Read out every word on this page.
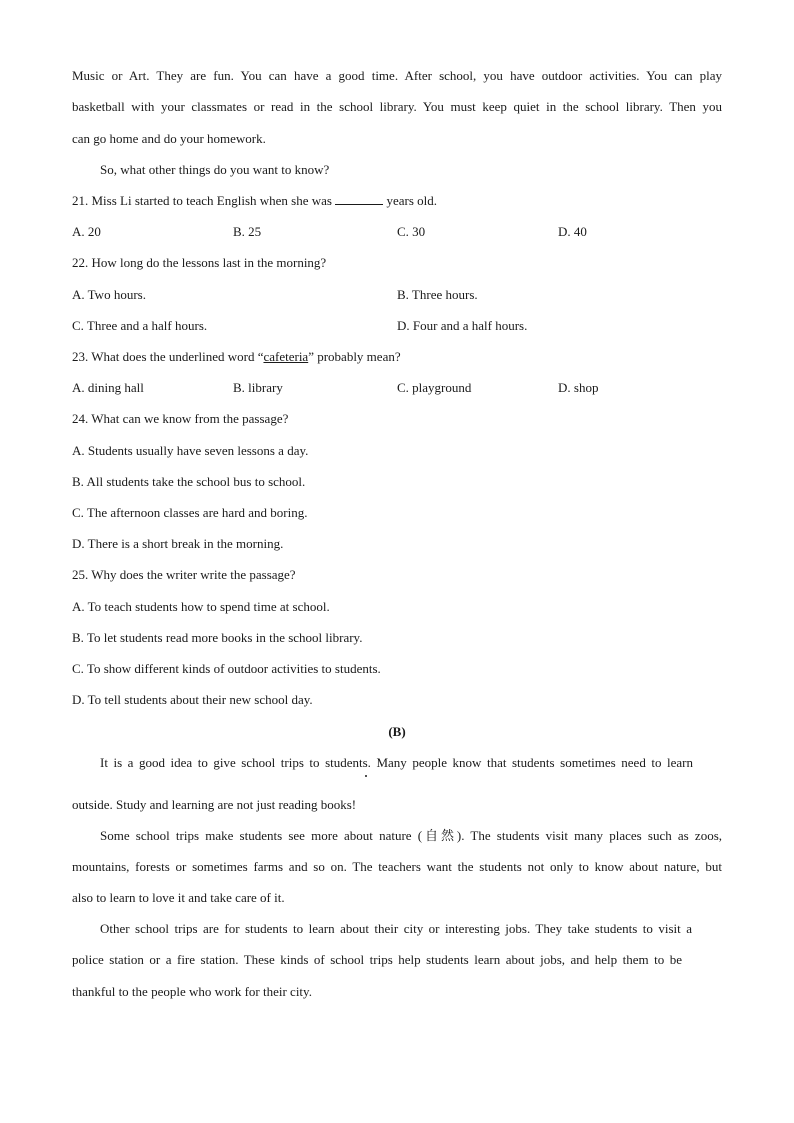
Music or Art. They are fun. You can have a good time. After school, you have outdoor activities. You can play
basketball with your classmates or read in the school library. You must keep quiet in the school library. Then you
can go home and do your homework.
So, what other things do you want to know?
21. Miss Li started to teach English when she was	years old.
A. 20	B. 25	C. 30	D. 40
22. How long do the lessons last in the morning?
A. Two hours.	B. Three hours.
C. Three and a half hours.	D. Four and a half hours.
23. What does the underlined word “cafeteria” probably mean?
A. dining hall	B. library	C. playground	D. shop
24. What can we know from the passage?
A. Students usually have seven lessons a day.
B. All students take the school bus to school.
C. The afternoon classes are hard and boring.
D. There is a short break in the morning.
25. Why does the writer write the passage?
A. To teach students how to spend time at school.
B. To let students read more books in the school library.
C. To show different kinds of outdoor activities to students.
D. To tell students about their new school day.
(B)
It is a good idea to give school trips to students. Many people know that students sometimes need to learn
outside. Study and learning are not just reading books!
Some school trips make students see more about nature (自然). The students visit many places such as zoos,
mountains, forests or sometimes farms and so on. The teachers want the students not only to know about nature, but
also to learn to love it and take care of it.
Other school trips are for students to learn about their city or interesting jobs. They take students to visit a
police station or a fire station. These kinds of school trips help students learn about jobs, and help them to be
thankful to the people who work for their city.
